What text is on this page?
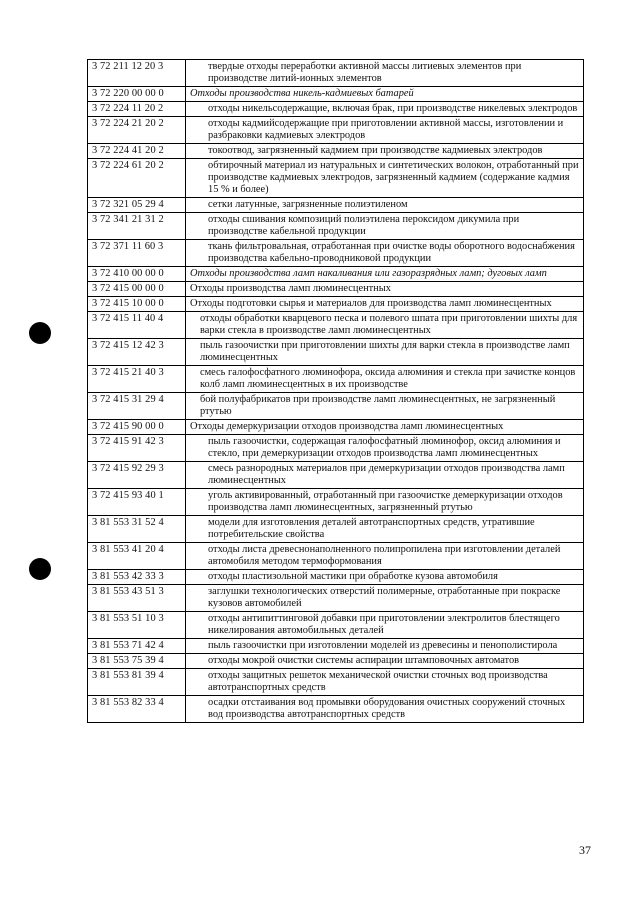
3 72 211 12 20 3	твердые отходы переработки активной массы литиевых элементов при производстве литий-ионных элементов
3 72 220 00 00 0	Отходы производства никель-кадмиевых батарей
3 72 224 11 20 2	отходы никельсодержащие, включая брак, при производстве никелевых электродов
3 72 224 21 20 2	отходы кадмийсодержащие при приготовлении активной массы, изготовлении и разбраковки кадмиевых электродов
3 72 224 41 20 2	токоотвод, загрязненный кадмием при производстве кадмиевых электродов
3 72 224 61 20 2	обтирочный материал из натуральных и синтетических волокон, отработанный при производстве кадмиевых электродов, загрязненный кадмием (содержание кадмия 15 % и более)
3 72 321 05 29 4	сетки латунные, загрязненные полиэтиленом
3 72 341 21 31 2	отходы сшивания композиций полиэтилена пероксидом дикумила при производстве кабельной продукции
3 72 371 11 60 3	ткань фильтровальная, отработанная при очистке воды оборотного водоснабжения производства кабельно-проводниковой продукции
3 72 410 00 00 0	Отходы производства ламп накаливания или газоразрядных ламп; дуговых ламп
3 72 415 00 00 0	Отходы производства ламп люминесцентных
3 72 415 10 00 0	Отходы подготовки сырья и материалов для производства ламп люминесцентных
3 72 415 11 40 4	отходы обработки кварцевого песка и полевого шпата при приготовлении шихты для варки стекла в производстве ламп люминесцентных
3 72 415 12 42 3	пыль газоочистки при приготовлении шихты для варки стекла в производстве ламп люминесцентных
3 72 415 21 40 3	смесь галофосфатного люминофора, оксида алюминия и стекла при зачистке концов колб ламп люминесцентных в их производстве
3 72 415 31 29 4	бой полуфабрикатов при производстве ламп люминесцентных, не загрязненный ртутью
3 72 415 90 00 0	Отходы демеркуризации отходов производства ламп люминесцентных
3 72 415 91 42 3	пыль газоочистки, содержащая галофосфатный люминофор, оксид алюминия и стекло, при демеркуризации отходов производства ламп люминесцентных
3 72 415 92 29 3	смесь разнородных материалов при демеркуризации отходов производства ламп люминесцентных
3 72 415 93 40 1	уголь активированный, отработанный при газоочистке демеркуризации отходов производства ламп люминесцентных, загрязненный ртутью
3 81 553 31 52 4	модели для изготовления деталей автотранспортных средств, утратившие потребительские свойства
3 81 553 41 20 4	отходы листа древеснонаполненного полипропилена при изготовлении деталей автомобиля методом термоформования
3 81 553 42 33 3	отходы пластизольной мастики при обработке кузова автомобиля
3 81 553 43 51 3	заглушки технологических отверстий полимерные, отработанные при покраске кузовов автомобилей
3 81 553 51 10 3	отходы антипиттинговой добавки при приготовлении электролитов блестящего никелирования автомобильных деталей
3 81 553 71 42 4	пыль газоочистки при изготовлении моделей из древесины и пенополистирола
3 81 553 75 39 4	отходы мокрой очистки системы аспирации штамповочных автоматов
3 81 553 81 39 4	отходы защитных решеток механической очистки сточных вод производства автотранспортных средств
3 81 553 82 33 4	осадки отстаивания вод промывки оборудования очистных сооружений сточных вод производства автотранспортных средств
37
